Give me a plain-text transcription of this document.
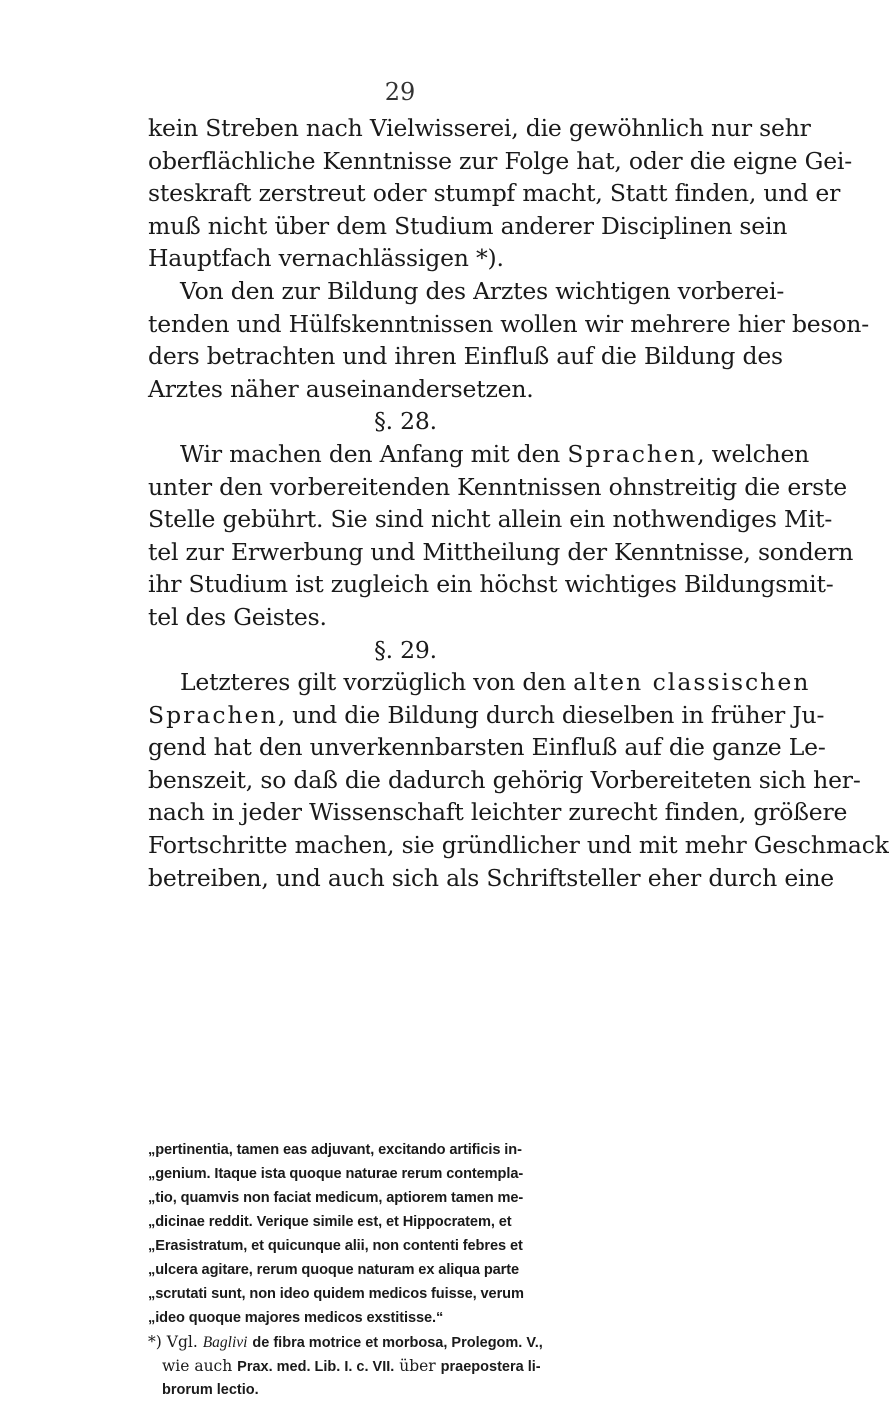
29
kein Streben nach Vielwisserei, die gewöhnlich nur sehr
oberflächliche Kenntnisse zur Folge hat, oder die eigne Gei-
steskraft zerstreut oder stumpf macht, Statt finden, und er
muß nicht über dem Studium anderer Disciplinen sein
Hauptfach vernachlässigen *).
Von den zur Bildung des Arztes wichtigen vorberei-
tenden und Hülfskenntnissen wollen wir mehrere hier beson-
ders betrachten und ihren Einfluß auf die Bildung des
Arztes näher auseinandersetzen.
§. 28.
Wir machen den Anfang mit den Sprachen, welchen
unter den vorbereitenden Kenntnissen ohnstreitig die erste
Stelle gebührt. Sie sind nicht allein ein nothwendiges Mit-
tel zur Erwerbung und Mittheilung der Kenntnisse, sondern
ihr Studium ist zugleich ein höchst wichtiges Bildungsmit-
tel des Geistes.
§. 29.
Letzteres gilt vorzüglich von den alten classischen
Sprachen, und die Bildung durch dieselben in früher Ju-
gend hat den unverkennbarsten Einfluß auf die ganze Le-
benszeit, so daß die dadurch gehörig Vorbereiteten sich her-
nach in jeder Wissenschaft leichter zurecht finden, größere
Fortschritte machen, sie gründlicher und mit mehr Geschmack
betreiben, und auch sich als Schriftsteller eher durch eine
„pertinentia, tamen eas adjuvant, excitando artificis in-
„genium. Itaque ista quoque naturae rerum contempla-
„tio, quamvis non faciat medicum, aptiorem tamen me-
„dicinae reddit. Verique simile est, et Hippocratem, et
„Erasistratum, et quicunque alii, non contenti febres et
„ulcera agitare, rerum quoque naturam ex aliqua parte
„scrutati sunt, non ideo quidem medicos fuisse, verum
„ideo quoque majores medicos exstitisse.“
*) Vgl. Baglivi de fibra motrice et morbosa, Prolegom. V.,
wie auch Prax. med. Lib. I. c. VII. über praepostera li-
brorum lectio.
